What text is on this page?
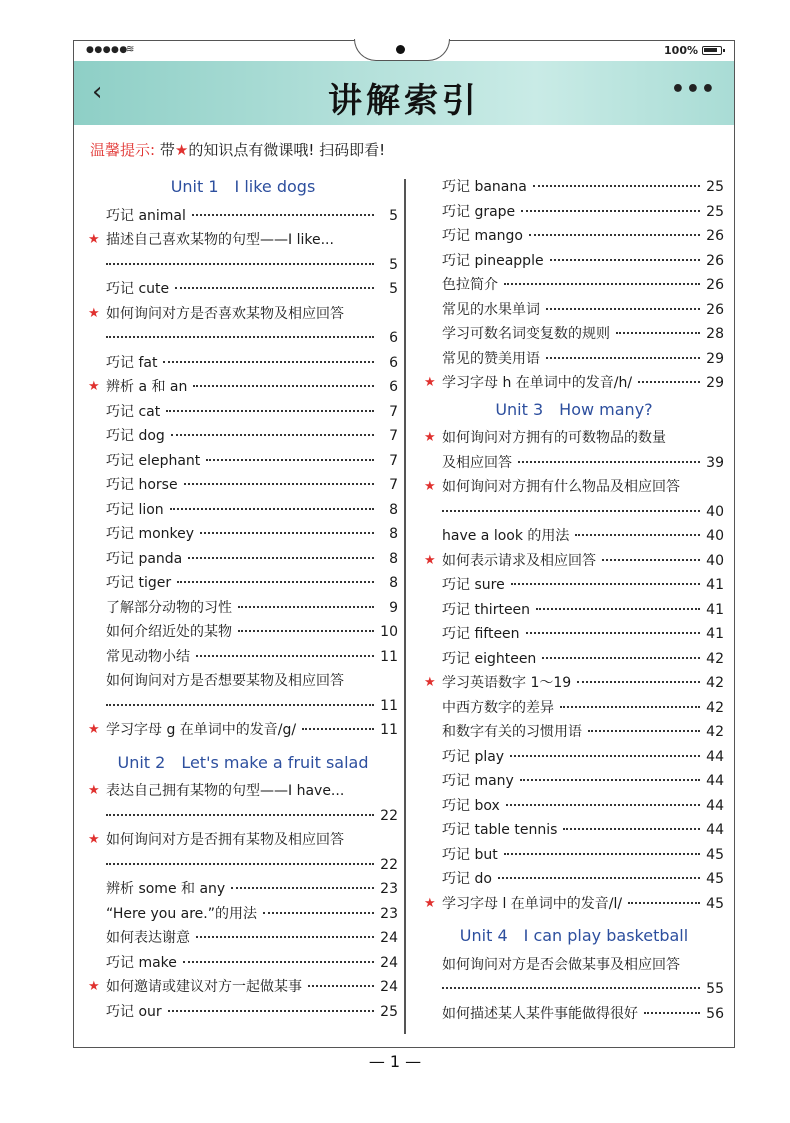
●●●●●
≋	100%
‹	讲解索引	•••
温馨提示: 带★的知识点有微课哦! 扫码即看!
Unit 1 I like dogs
巧记 animal	5
★ 描述自己喜欢某物的句型——I like...
5
巧记 cute	5
★ 如何询问对方是否喜欢某物及相应回答
6
巧记 fat	6
★ 辨析 a 和 an	6
巧记 cat	7
巧记 dog	7
巧记 elephant	7
巧记 horse	7
巧记 lion	8
巧记 monkey	8
巧记 panda	8
巧记 tiger	8
了解部分动物的习性	9
如何介绍近处的某物	10
常见动物小结	11
如何询问对方是否想要某物及相应回答
11
★ 学习字母 g 在单词中的发音/g/	11
Unit 2 Let's make a fruit salad
★ 表达自己拥有某物的句型——I have...
22
★ 如何询问对方是否拥有某物及相应回答
22
辨析 some 和 any	23
“Here you are.”的用法	23
如何表达谢意	24
巧记 make	24
★ 如何邀请或建议对方一起做某事	24
巧记 our	25
巧记 banana	25
巧记 grape	25
巧记 mango	26
巧记 pineapple	26
色拉简介	26
常见的水果单词	26
学习可数名词变复数的规则	28
常见的赞美用语	29
★ 学习字母 h 在单词中的发音/h/	29
Unit 3 How many?
★ 如何询问对方拥有的可数物品的数量
及相应回答	39
★ 如何询问对方拥有什么物品及相应回答
40
have a look 的用法	40
★ 如何表示请求及相应回答	40
巧记 sure	41
巧记 thirteen	41
巧记 fifteen	41
巧记 eighteen	42
★ 学习英语数字 1～19	42
中西方数字的差异	42
和数字有关的习惯用语	42
巧记 play	44
巧记 many	44
巧记 box	44
巧记 table tennis	44
巧记 but	45
巧记 do	45
★ 学习字母 l 在单词中的发音/l/	45
Unit 4 I can play basketball
如何询问对方是否会做某事及相应回答
55
如何描述某人某件事能做得很好	56
— 1 —
